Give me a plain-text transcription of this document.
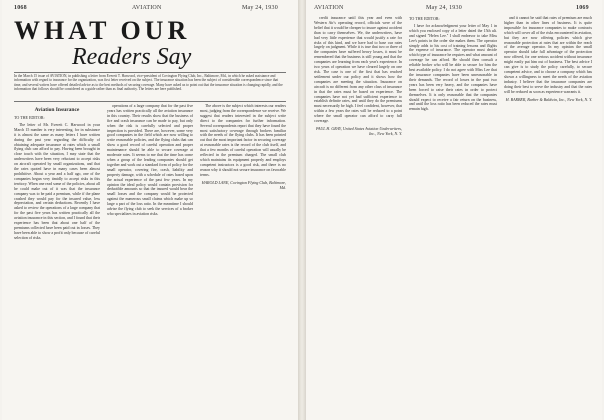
1068	AVIATION	May 24, 1930
WHAT OUR
Readers Say
In the March 15 issue of AVIATION, in publishing a letter from Everett T. Harwood, vice-president of Covington Flying Club, Inc., Baltimore, Md., in which he asked assistance and information with regard to insurance for the organization, was first letter received on the subject. The insurance situation has been the subject of considerable correspondence since that time, and several writers have offered detailed advice as to the best methods of securing coverage. Many have asked us to point out that the insurance situation is changing rapidly, and the information that follows should be considered as a guide rather than as final authority. The letters are here published.
Aviation Insurance
TO THE EDITOR:

The letter of Mr. Everett C. Harwood in your March 15 number is very interesting, for in substance it is almost the same as many letters I have written during the past year regarding the difficulty of obtaining adequate insurance at rates which a small flying club can afford to pay. Having been brought in close touch with the situation, I may state that the underwriters have been very reluctant to accept risks on aircraft operated by small organizations, and that the rates quoted have in many cases been almost prohibitive. About a year and a half ago, one of the companies began very timidly to accept risks in this territory. When one read some of the policies, about all he could make out of it was that the insurance company was to be paid a premium, while if the plane crashed they would pay for the insured value, less depreciation, and certain deductions. Recently I have asked to review the operations of a large company that for the past five years has written practically all the aviation insurance in this section, and I found that their experience has been that about one half of the premiums collected have been paid out in losses. They have been able to show a profit only because of careful selection of risks.

operations of a large company that for the past five years has written practically all the aviation insurance in this country. Their results show that the business of fire and crash insurance can be made to pay, but only when the risk is carefully selected and proper inspection is provided. There are, however, some very good companies in the field which are now willing to write reasonable policies, and the flying clubs that can show a good record of careful operation and proper maintenance should be able to secure coverage at moderate rates. It seems to me that the time has come when a group of the leading companies should get together and work out a standard form of policy for the small operator, covering fire, crash, liability and property damage, with a schedule of rates based upon the actual experience of the past few years. In my opinion the ideal policy would contain provision for deductible amounts so that the insured would bear the small losses and the company would be protected against the numerous small claims which make up so large a part of the loss ratio. In the meantime I should advise the flying club to seek the services of a broker who specializes in aviation risks.

The above is the subject which interests our readers most, judging from the correspondence we receive. We suggest that readers interested in the subject write direct to the companies for further information. Several correspondents report that they have found the most satisfactory coverage through brokers familiar with the needs of the flying clubs. It has been pointed out that the most important factor in securing coverage at reasonable rates is the record of the club itself, and that a few months of careful operation will usually be reflected in the premium charged. The small club which maintains its equipment properly and employs competent instructors is a good risk, and there is no reason why it should not secure insurance on favorable terms.

HAROLD LANE, Covington Flying Club, Baltimore, Md.
AVIATION	May 24, 1930	1069

credit insurance until this year and even with Western Air's operating record, officials were of the belief that it would be cheaper to insure against accident than to carry themselves. We, the underwriters, have had very little experience that would justify a rate for risks of this kind, and we have had to base our rates largely on judgment. While it is true that two or three of the companies have suffered heavy losses, it must be remembered that the business is still young and that the companies are learning from each year's experience. In two years of operation we have cleared largely on one risk. The case is one of the first that has reached settlement under our policy and it shows how the companies are meeting the situation. Insurance on aircraft is no different from any other class of insurance in that the rates must be based on experience. The companies have not yet had sufficient experience to establish definite rates, and until they do the premiums must necessarily be high. I feel confident, however, that within a few years the rates will be reduced to a point where the small operator can afford to carry full coverage.

PAUL H. GRAY, United States Aviation Underwriters, Inc., New York, N. Y.
TO THE EDITOR:

I have for acknowledgment your letter of May 1 in which you enclosed copy of a letter dated the 15th ult. and signed "Helen Lee." I shall endeavor to take Miss Lee's points in the order she makes them. The operator simply adds to his cost of training lessons and flights the expense of insurance. The operator must decide which type of insurance he requires and what amount of coverage he can afford. He should then consult a reliable broker who will be able to secure for him the best available policy. I do not agree with Miss Lee that the insurance companies have been unreasonable in their demands. The record of losses in the past two years has been very heavy, and the companies have been forced to raise their rates in order to protect themselves. It is only reasonable that the companies should expect to receive a fair return on the business, and until the loss ratio has been reduced the rates must remain high.

and it cannot be said that rates of premium are much higher than in other lines of business. It is quite impossible for insurance companies to make contracts which will cover all of the risks encountered in aviation, but they are now offering policies which give reasonable protection at rates that are within the reach of the average operator. In my opinion the small operator should take full advantage of the protection now offered, for one serious accident without insurance might easily put him out of business. The best advice I can give is to study the policy carefully, to secure competent advice, and to choose a company which has shown a willingness to meet the needs of the aviation industry. I believe that the insurance companies are doing their best to serve the industry and that the rates will be reduced as soon as experience warrants it.

H. BARBER, Barber & Baldwin, Inc., New York, N. Y.
